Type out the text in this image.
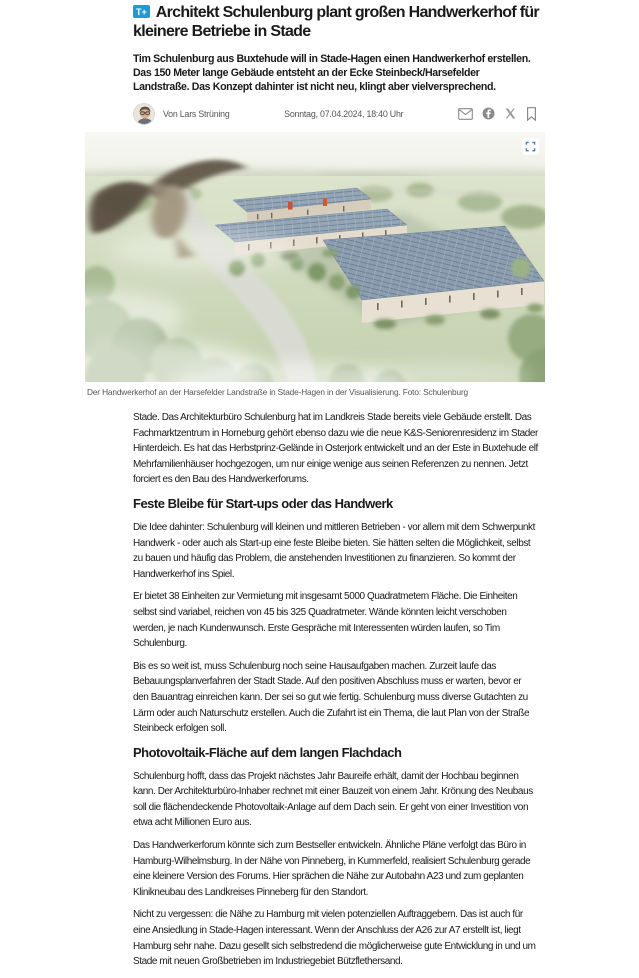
T+ Architekt Schulenburg plant großen Handwerkerhof für kleinere Betriebe in Stade

Tim Schulenburg aus Buxtehude will in Stade-Hagen einen Handwerkerhof erstellen. Das 150 Meter lange Gebäude entsteht an der Ecke Steinbeck/Harsefelder Landstraße. Das Konzept dahinter ist nicht neu, klingt aber vielversprechend.

Von Lars Strüning	Sonntag, 07.04.2024, 18:40 Uhr
Der Handwerkerhof an der Harsefelder Landstraße in Stade-Hagen in der Visualisierung. Foto: Schulenburg

Stade. Das Architekturbüro Schulenburg hat im Landkreis Stade bereits viele Gebäude erstellt. Das Fachmarktzentrum in Horneburg gehört ebenso dazu wie die neue K&S-Seniorenresidenz im Stader Hinterdeich. Es hat das Herbstprinz-Gelände in Osterjork entwickelt und an der Este in Buxtehude elf Mehrfamilienhäuser hochgezogen, um nur einige wenige aus seinen Referenzen zu nennen. Jetzt forciert es den Bau des Handwerkerforums.

Feste Bleibe für Start-ups oder das Handwerk

Die Idee dahinter: Schulenburg will kleinen und mittleren Betrieben - vor allem mit dem Schwerpunkt Handwerk - oder auch als Start-up eine feste Bleibe bieten. Sie hätten selten die Möglichkeit, selbst zu bauen und häufig das Problem, die anstehenden Investitionen zu finanzieren. So kommt der Handwerkerhof ins Spiel.

Er bietet 38 Einheiten zur Vermietung mit insgesamt 5000 Quadratmetern Fläche. Die Einheiten selbst sind variabel, reichen von 45 bis 325 Quadratmeter. Wände könnten leicht verschoben werden, je nach Kundenwunsch. Erste Gespräche mit Interessenten würden laufen, so Tim Schulenburg.

Bis es so weit ist, muss Schulenburg noch seine Hausaufgaben machen. Zurzeit laufe das Bebauungsplanverfahren der Stadt Stade. Auf den positiven Abschluss muss er warten, bevor er den Bauantrag einreichen kann. Der sei so gut wie fertig. Schulenburg muss diverse Gutachten zu Lärm oder auch Naturschutz erstellen. Auch die Zufahrt ist ein Thema, die laut Plan von der Straße Steinbeck erfolgen soll.

Photovoltaik-Fläche auf dem langen Flachdach

Schulenburg hofft, dass das Projekt nächstes Jahr Baureife erhält, damit der Hochbau beginnen kann. Der Architekturbüro-Inhaber rechnet mit einer Bauzeit von einem Jahr. Krönung des Neubaus soll die flächendeckende Photovoltaik-Anlage auf dem Dach sein. Er geht von einer Investition von etwa acht Millionen Euro aus.

Das Handwerkerforum könnte sich zum Bestseller entwickeln. Ähnliche Pläne verfolgt das Büro in Hamburg-Wilhelmsburg. In der Nähe von Pinneberg, in Kummerfeld, realisiert Schulenburg gerade eine kleinere Version des Forums. Hier sprächen die Nähe zur Autobahn A23 und zum geplanten Klinikneubau des Landkreises Pinneberg für den Standort.

Nicht zu vergessen: die Nähe zu Hamburg mit vielen potenziellen Auftraggebern. Das ist auch für eine Ansiedlung in Stade-Hagen interessant. Wenn der Anschluss der A26 zur A7 erstellt ist, liegt Hamburg sehr nahe. Dazu gesellt sich selbstredend die möglicherweise gute Entwicklung in und um Stade mit neuen Großbetrieben im Industriegebiet Bützflethersand.
